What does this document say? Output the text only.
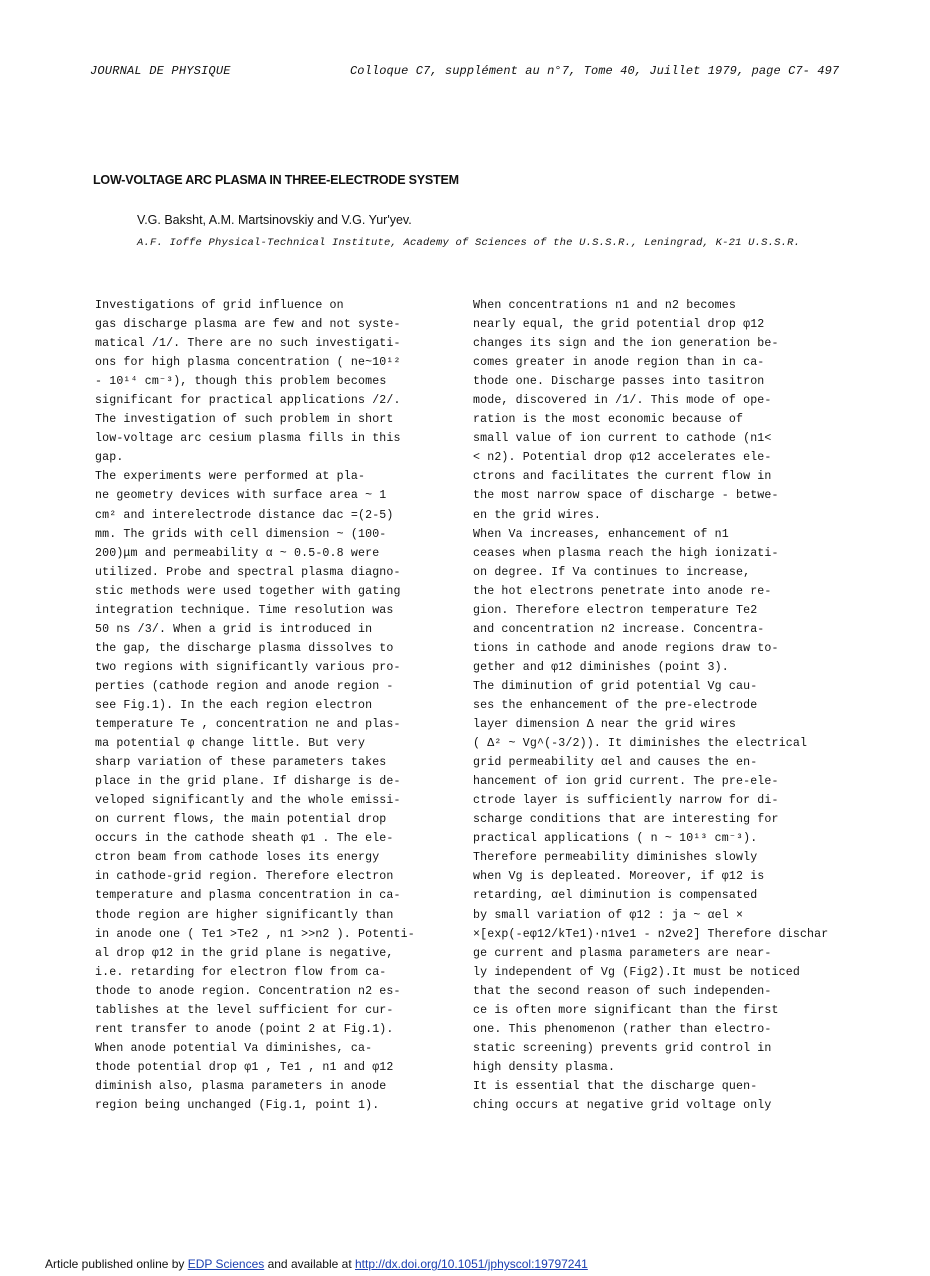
JOURNAL DE PHYSIQUE	Colloque C7, supplément au n°7, Tome 40, Juillet 1979, page C7- 497
LOW-VOLTAGE ARC PLASMA IN THREE-ELECTRODE SYSTEM
V.G. Baksht, A.M. Martsinovskiy and V.G. Yur'yev.
A.F. Ioffe Physical-Technical Institute, Academy of Sciences of the U.S.S.R., Leningrad, K-21 U.S.S.R.
Investigations of grid influence on
gas discharge plasma are few and not syste-
matical /1/. There are no such investigati-
ons for high plasma concentration ( ne~10¹²
- 10¹⁴ cm⁻³), though this problem becomes
significant for practical applications /2/.
The investigation of such problem in short
low-voltage arc cesium plasma fills in this
gap.
The experiments were performed at pla-
ne geometry devices with surface area ~ 1
cm² and interelectrode distance dac =(2-5)
mm. The grids with cell dimension ~ (100-
200)μm and permeability α ~ 0.5-0.8 were
utilized. Probe and spectral plasma diagno-
stic methods were used together with gating
integration technique. Time resolution was
50 ns /3/. When a grid is introduced in
the gap, the discharge plasma dissolves to
two regions with significantly various pro-
perties (cathode region and anode region -
see Fig.1). In the each region electron
temperature Te , concentration ne and plas-
ma potential φ change little. But very
sharp variation of these parameters takes
place in the grid plane. If disharge is de-
veloped significantly and the whole emissi-
on current flows, the main potential drop
occurs in the cathode sheath φ1 . The ele-
ctron beam from cathode loses its energy
in cathode-grid region. Therefore electron
temperature and plasma concentration in ca-
thode region are higher significantly than
in anode one ( Te1 >Te2 , n1 >>n2 ). Potenti-
al drop φ12 in the grid plane is negative,
i.e. retarding for electron flow from ca-
thode to anode region. Concentration n2 es-
tablishes at the level sufficient for cur-
rent transfer to anode (point 2 at Fig.1).
When anode potential Va diminishes, ca-
thode potential drop φ1 , Te1 , n1 and φ12
diminish also, plasma parameters in anode
region being unchanged (Fig.1, point 1).
When concentrations n1 and n2 becomes
nearly equal, the grid potential drop φ12
changes its sign and the ion generation be-
comes greater in anode region than in ca-
thode one. Discharge passes into tasitron
mode, discovered in /1/. This mode of ope-
ration is the most economic because of
small value of ion current to cathode (n1<
< n2). Potential drop φ12 accelerates ele-
ctrons and facilitates the current flow in
the most narrow space of discharge - betwe-
en the grid wires.
When Va increases, enhancement of n1
ceases when plasma reach the high ionizati-
on degree. If Va continues to increase,
the hot electrons penetrate into anode re-
gion. Therefore electron temperature Te2
and concentration n2 increase. Concentra-
tions in cathode and anode regions draw to-
gether and φ12 diminishes (point 3).
The diminution of grid potential Vg cau-
ses the enhancement of the pre-electrode
layer dimension Δ near the grid wires
( Δ² ~ Vg^(-3/2)). It diminishes the electrical
grid permeability αel and causes the en-
hancement of ion grid current. The pre-ele-
ctrode layer is sufficiently narrow for di-
scharge conditions that are interesting for
practical applications ( n ~ 10¹³ cm⁻³).
Therefore permeability diminishes slowly
when Vg is depleated. Moreover, if φ12 is
retarding, αel diminution is compensated
by small variation of φ12 : ja ~ αel ×
×[exp(-eφ12/kTe1)·n1ve1 - n2ve2] Therefore dischar
ge current and plasma parameters are near-
ly independent of Vg (Fig2).It must be noticed
that the second reason of such independen-
ce is often more significant than the first
one. This phenomenon (rather than electro-
static screening) prevents grid control in
high density plasma.
It is essential that the discharge quen-
ching occurs at negative grid voltage only
Article published online by EDP Sciences and available at http://dx.doi.org/10.1051/jphyscol:19797241
